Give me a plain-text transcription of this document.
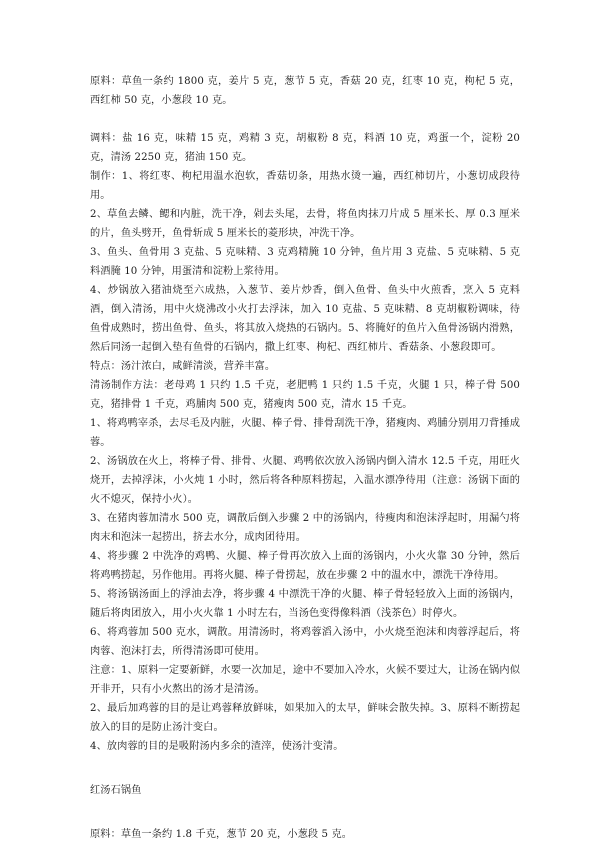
原料：草鱼一条约 1800 克，姜片 5 克，葱节 5 克，香菇 20 克，红枣 10 克，枸杞 5 克，西红柿 50 克，小葱段 10 克。

调料：盐 16 克，味精 15 克，鸡精 3 克，胡椒粉 8 克，料酒 10 克，鸡蛋一个，淀粉 20 克，清汤 2250 克，猪油 150 克。

制作：1、将红枣、枸杞用温水泡软，香菇切条，用热水烫一遍，西红柿切片，小葱切成段待用。

2、草鱼去鳞、鳃和内脏，洗干净，剁去头尾，去骨，将鱼肉抹刀片成 5 厘米长、厚 0.3 厘米的片，鱼头劈开，鱼骨斩成 5 厘米长的菱形块，冲洗干净。

3、鱼头、鱼骨用 3 克盐、5 克味精、3 克鸡精腌 10 分钟，鱼片用 3 克盐、5 克味精、5 克料酒腌 10 分钟，用蛋清和淀粉上浆待用。

4、炒锅放入猪油烧至六成热，入葱节、姜片炒香，倒入鱼骨、鱼头中火煎香，烹入 5 克料酒，倒入清汤，用中火烧沸改小火打去浮沫，加入 10 克盐、5 克味精、8 克胡椒粉调味，待鱼骨成熟时，捞出鱼骨、鱼头，将其放入烧热的石锅内。5、将腌好的鱼片入鱼骨汤锅内滑熟，然后同汤一起倒入垫有鱼骨的石锅内，撒上红枣、枸杞、西红柿片、香菇条、小葱段即可。

特点：汤汁浓白，咸鲜清淡，营养丰富。

清汤制作方法：老母鸡 1 只约 1.5 千克，老肥鸭 1 只约 1.5 千克，火腿 1 只，棒子骨 500 克，猪排骨 1 千克，鸡脯肉 500 克，猪瘦肉 500 克，清水 15 千克。

1、将鸡鸭宰杀，去尽毛及内脏，火腿、棒子骨、排骨刮洗干净，猪瘦肉、鸡脯分别用刀背捶成蓉。

2、汤锅放在火上，将棒子骨、排骨、火腿、鸡鸭依次放入汤锅内倒入清水 12.5 千克，用旺火烧开，去掉浮沫，小火炖 1 小时，然后将各种原料捞起，入温水漂净待用（注意：汤锅下面的火不熄灭，保持小火）。

3、在猪肉蓉加清水 500 克，调散后倒入步骤 2 中的汤锅内，待瘦肉和泡沫浮起时，用漏勺将肉末和泡沫一起捞出，挤去水分，成肉团待用。

4、将步骤 2 中洗净的鸡鸭、火腿、棒子骨再次放入上面的汤锅内，小火火靠 30 分钟，然后将鸡鸭捞起，另作他用。再将火腿、棒子骨捞起，放在步骤 2 中的温水中，漂洗干净待用。

5、将汤锅汤面上的浮油去净，将步骤 4 中漂洗干净的火腿、棒子骨轻轻放入上面的汤锅内，随后将肉团放入，用小火火靠 1 小时左右，当汤色变得像料酒（浅茶色）时停火。

6、将鸡蓉加 500 克水，调散。用清汤时，将鸡蓉滔入汤中，小火烧至泡沫和肉蓉浮起后，将肉蓉、泡沫打去，所得清汤即可使用。

注意：1、原料一定要新鲜，水要一次加足，途中不要加入冷水，火候不要过大，让汤在锅内似开非开，只有小火熬出的汤才是清汤。

2、最后加鸡蓉的目的是让鸡蓉释放鲜味，如果加入的太早，鲜味会散失掉。3、原料不断捞起放入的目的是防止汤汁变白。

4、放肉蓉的目的是吸附汤内多余的渣滓，使汤汁变清。

红汤石锅鱼

原料：草鱼一条约 1.8 千克，葱节 20 克，小葱段 5 克。
